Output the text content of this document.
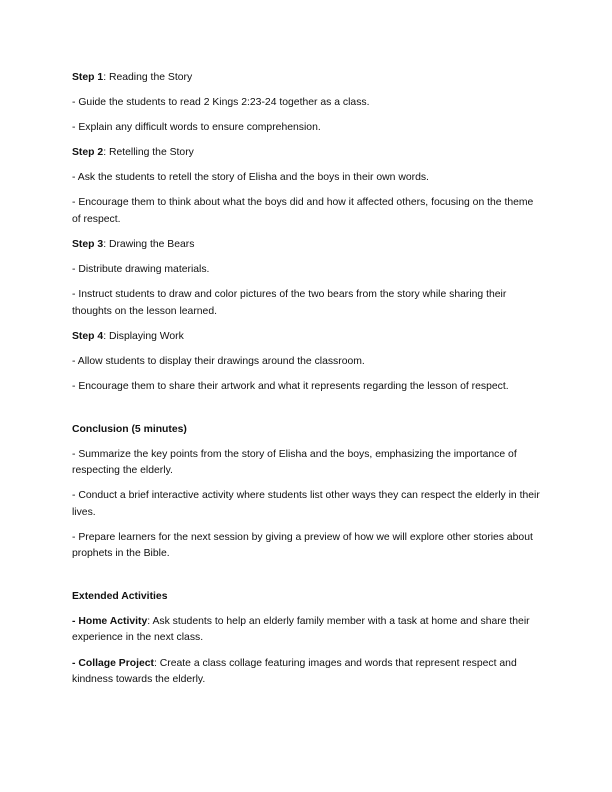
Step 1: Reading the Story

- Guide the students to read 2 Kings 2:23-24 together as a class.

- Explain any difficult words to ensure comprehension.

Step 2: Retelling the Story

- Ask the students to retell the story of Elisha and the boys in their own words.

- Encourage them to think about what the boys did and how it affected others, focusing on the theme of respect.

Step 3: Drawing the Bears

- Distribute drawing materials.

- Instruct students to draw and color pictures of the two bears from the story while sharing their thoughts on the lesson learned.

Step 4: Displaying Work

- Allow students to display their drawings around the classroom.

- Encourage them to share their artwork and what it represents regarding the lesson of respect.

Conclusion (5 minutes)

- Summarize the key points from the story of Elisha and the boys, emphasizing the importance of respecting the elderly.

- Conduct a brief interactive activity where students list other ways they can respect the elderly in their lives.

- Prepare learners for the next session by giving a preview of how we will explore other stories about prophets in the Bible.

Extended Activities

- Home Activity: Ask students to help an elderly family member with a task at home and share their experience in the next class.

- Collage Project: Create a class collage featuring images and words that represent respect and kindness towards the elderly.
